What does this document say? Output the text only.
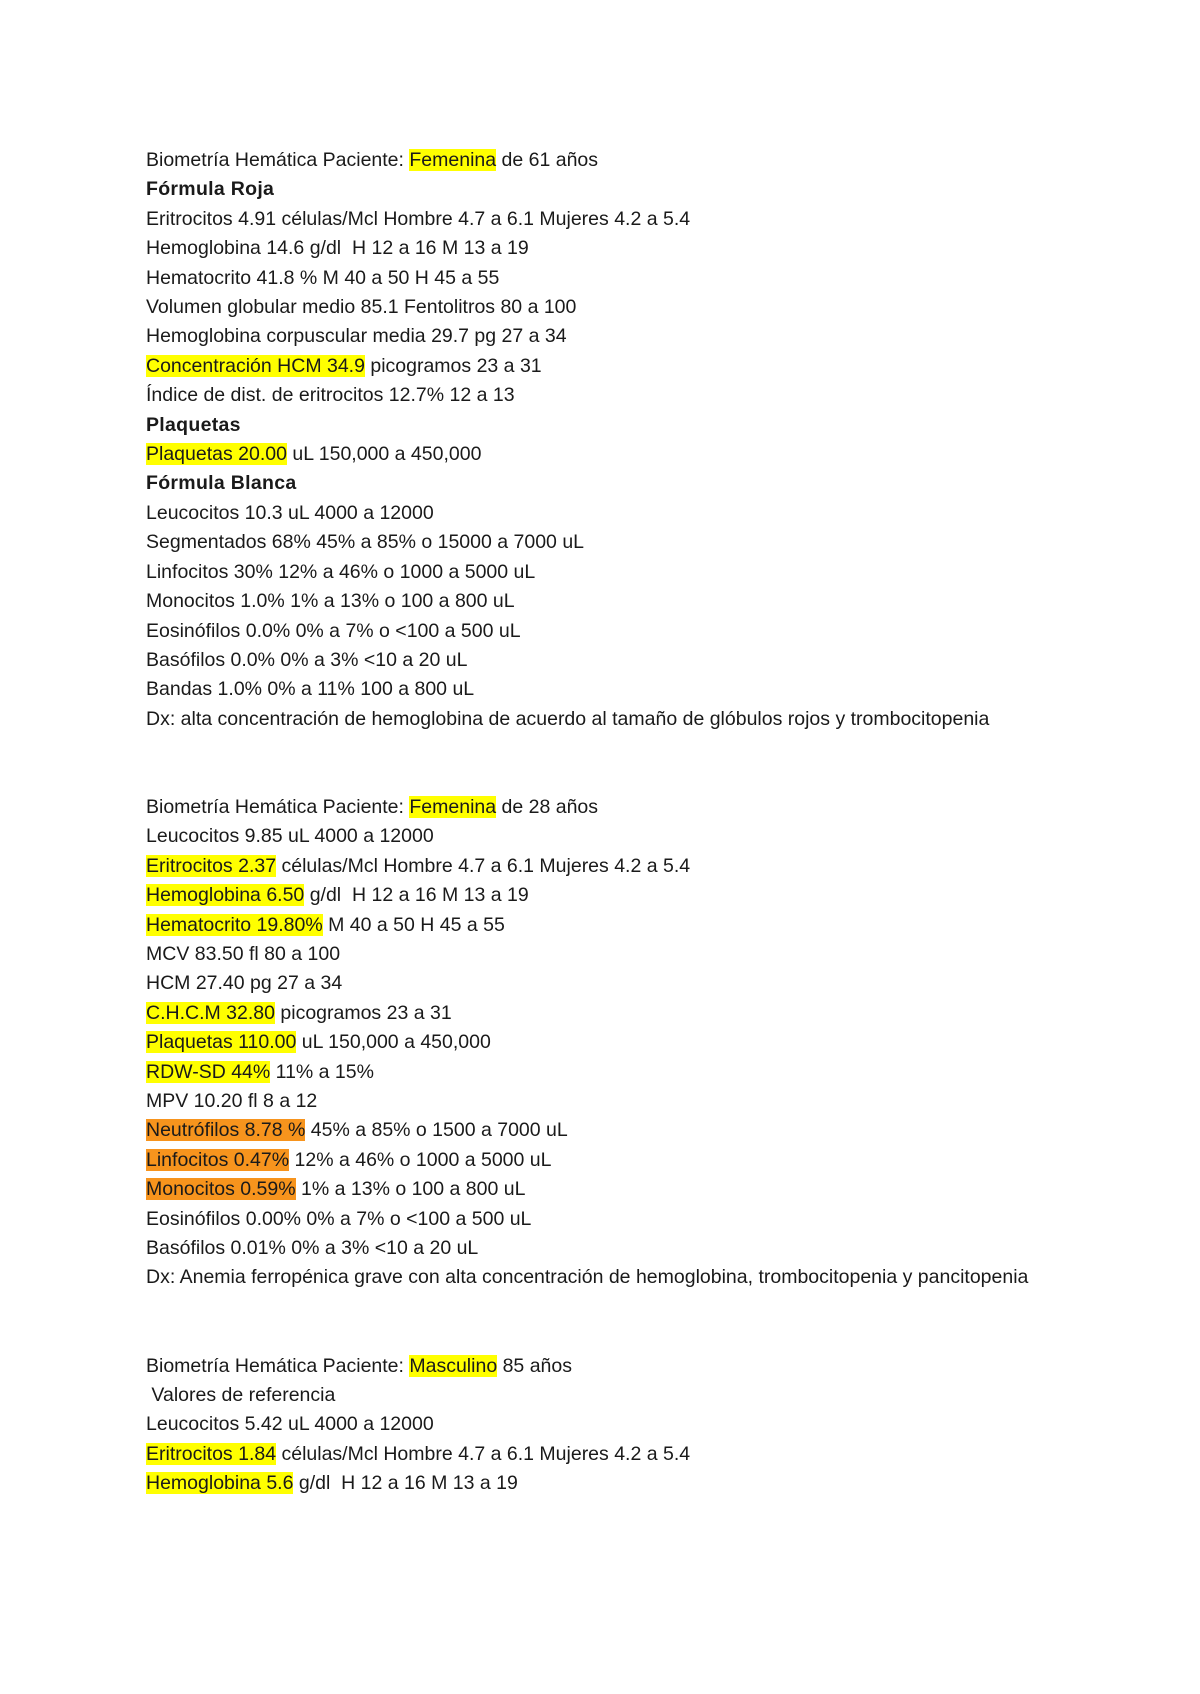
Biometría Hemática Paciente: Femenina de 61 años
Fórmula Roja
Eritrocitos 4.91 células/Mcl Hombre 4.7 a 6.1 Mujeres 4.2 a 5.4
Hemoglobina 14.6 g/dl  H 12 a 16 M 13 a 19
Hematocrito 41.8 % M 40 a 50 H 45 a 55
Volumen globular medio 85.1 Fentolitros 80 a 100
Hemoglobina corpuscular media 29.7 pg 27 a 34
Concentración HCM 34.9 picogramos 23 a 31
Índice de dist. de eritrocitos 12.7% 12 a 13
Plaquetas
Plaquetas 20.00 uL 150,000 a 450,000
Fórmula Blanca
Leucocitos 10.3 uL 4000 a 12000
Segmentados 68% 45% a 85% o 15000 a 7000 uL
Linfocitos 30% 12% a 46% o 1000 a 5000 uL
Monocitos 1.0% 1% a 13% o 100 a 800 uL
Eosinófilos 0.0% 0% a 7% o <100 a 500 uL
Basófilos 0.0% 0% a 3% <10 a 20 uL
Bandas 1.0% 0% a 11% 100 a 800 uL
Dx: alta concentración de hemoglobina de acuerdo al tamaño de glóbulos rojos y trombocitopenia
Biometría Hemática Paciente: Femenina de 28 años
Leucocitos 9.85 uL 4000 a 12000
Eritrocitos 2.37 células/Mcl Hombre 4.7 a 6.1 Mujeres 4.2 a 5.4
Hemoglobina 6.50 g/dl  H 12 a 16 M 13 a 19
Hematocrito 19.80% M 40 a 50 H 45 a 55
MCV 83.50 fl 80 a 100
HCM 27.40 pg 27 a 34
C.H.C.M 32.80 picogramos 23 a 31
Plaquetas 110.00 uL 150,000 a 450,000
RDW-SD 44% 11% a 15%
MPV 10.20 fl 8 a 12
Neutrófilos 8.78 % 45% a 85% o 1500 a 7000 uL
Linfocitos 0.47% 12% a 46% o 1000 a 5000 uL
Monocitos 0.59% 1% a 13% o 100 a 800 uL
Eosinófilos 0.00% 0% a 7% o <100 a 500 uL
Basófilos 0.01% 0% a 3% <10 a 20 uL
Dx: Anemia ferropénica grave con alta concentración de hemoglobina, trombocitopenia y pancitopenia
Biometría Hemática Paciente: Masculino 85 años
Valores de referencia
Leucocitos 5.42 uL 4000 a 12000
Eritrocitos 1.84 células/Mcl Hombre 4.7 a 6.1 Mujeres 4.2 a 5.4
Hemoglobina 5.6 g/dl  H 12 a 16 M 13 a 19
